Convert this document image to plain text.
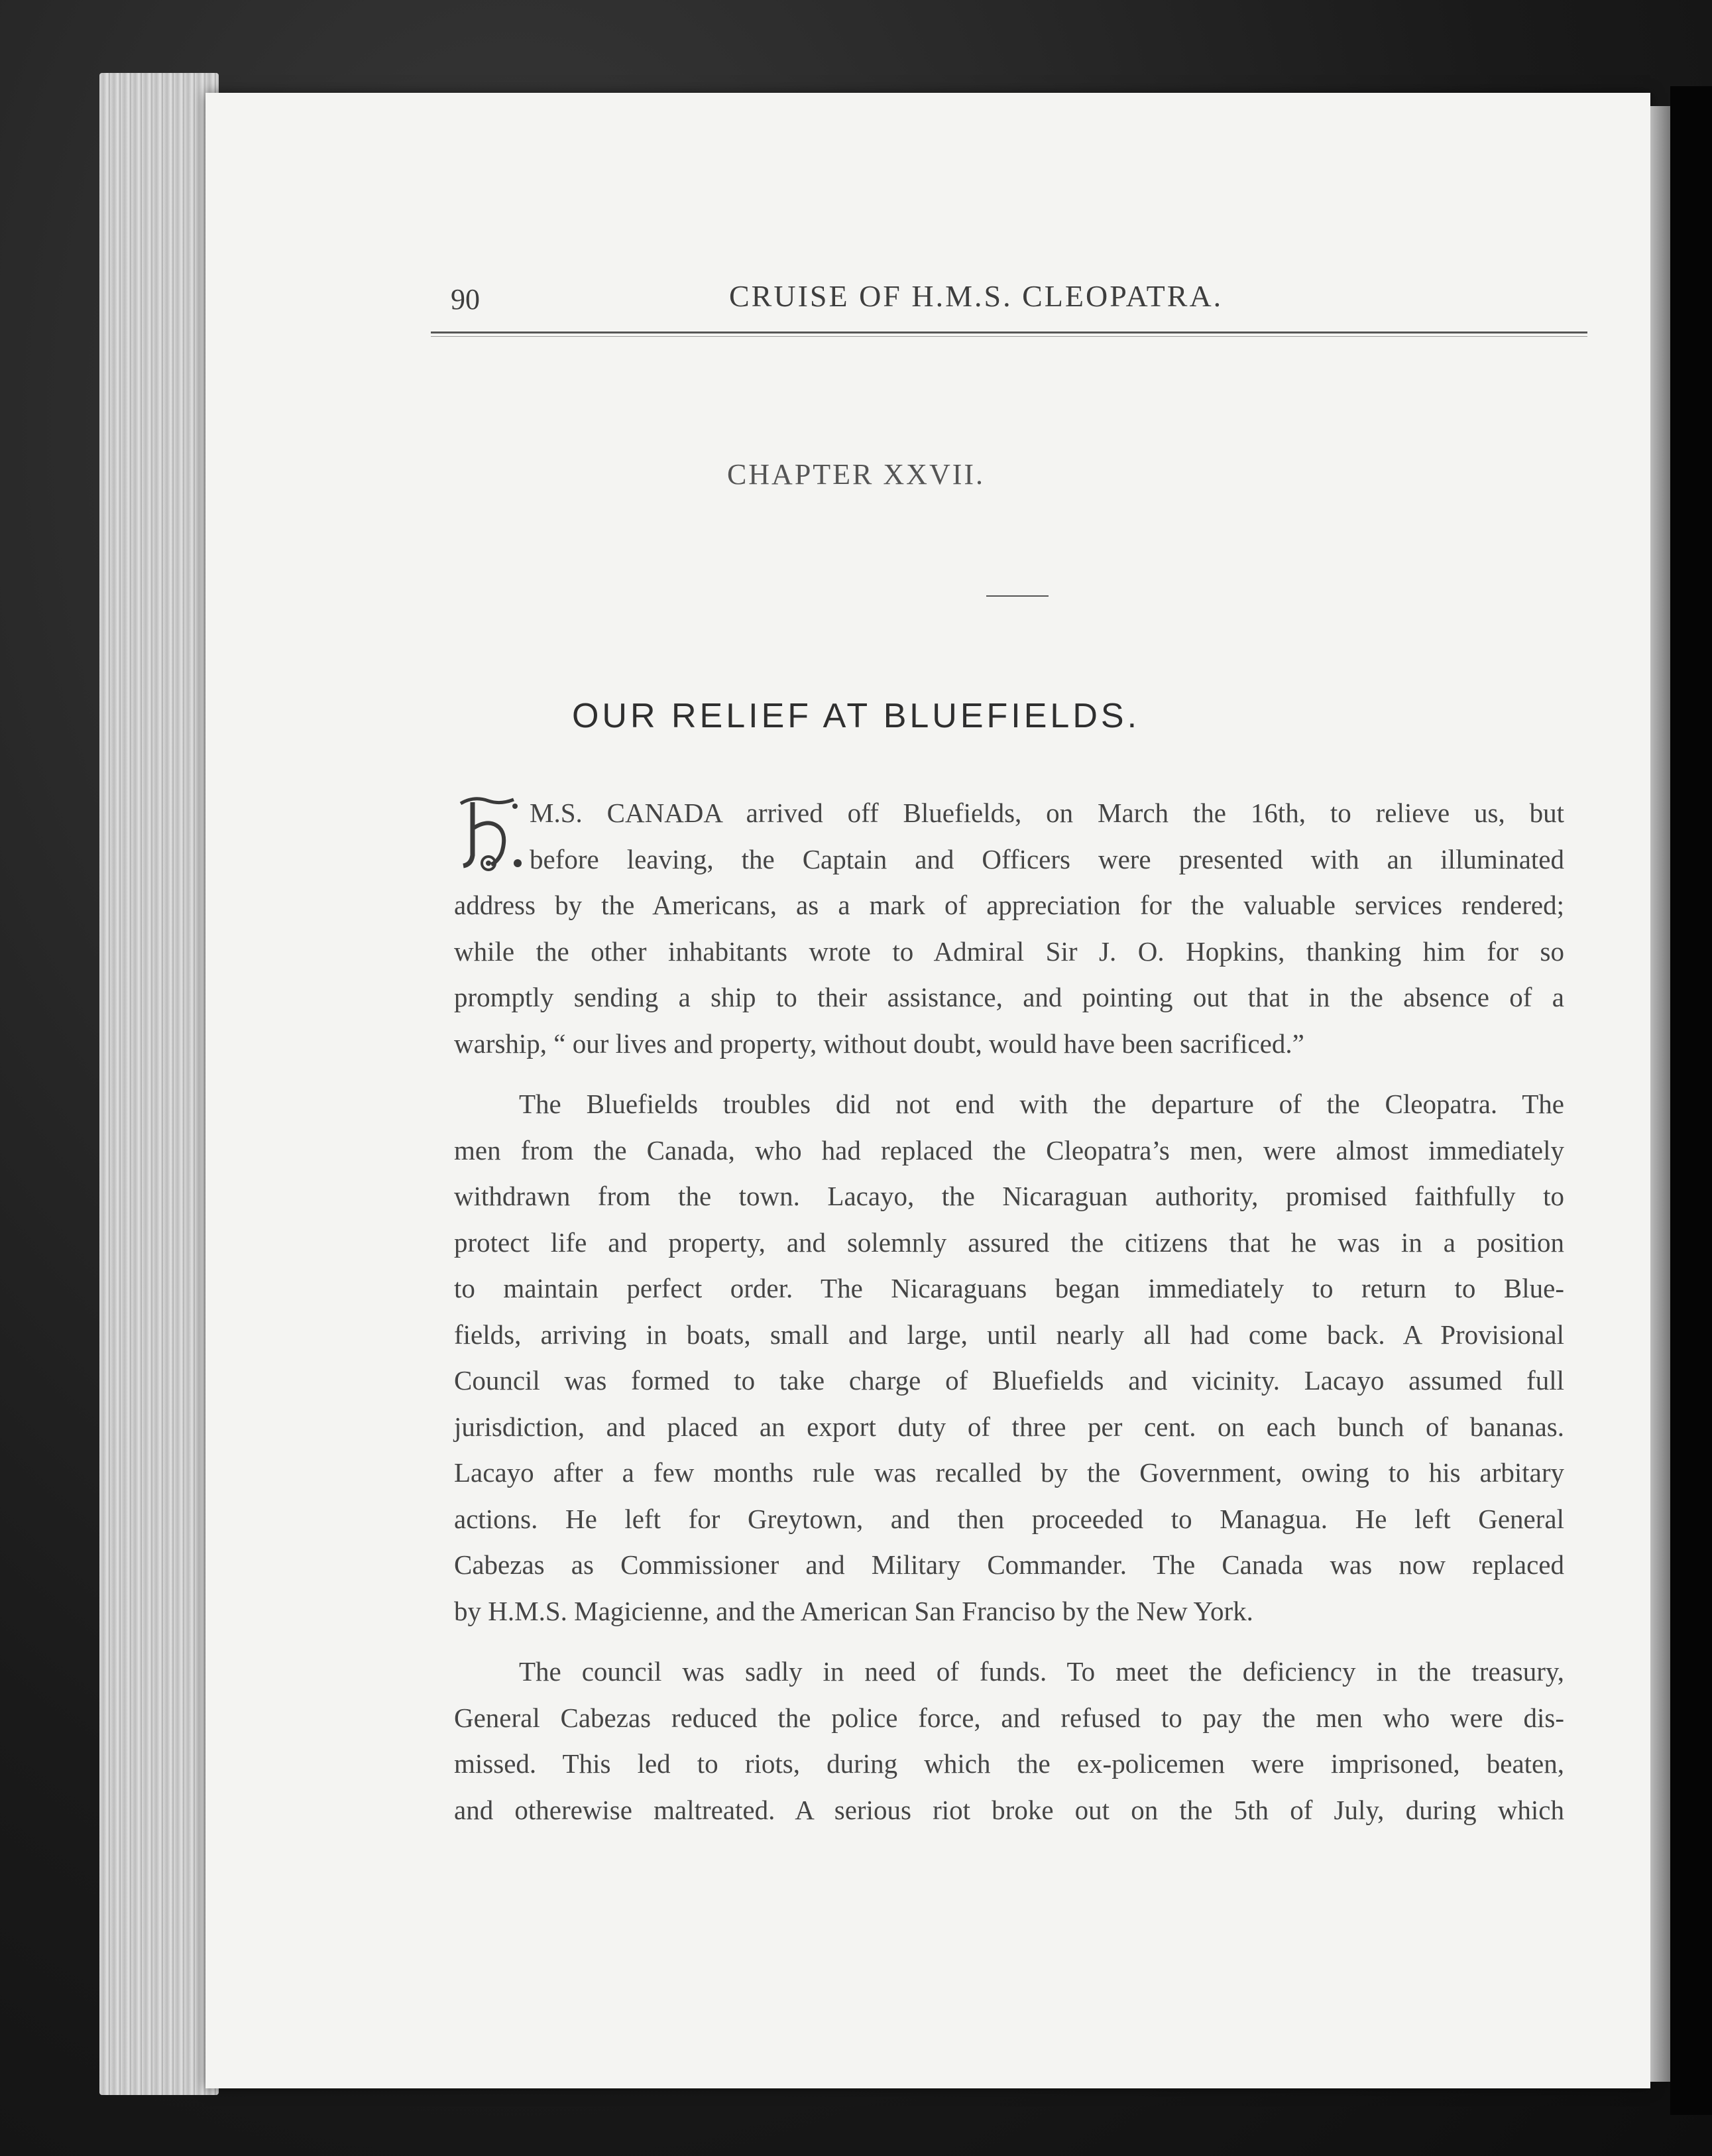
90	CRUISE OF H.M.S. CLEOPATRA.
CHAPTER XXVII.
OUR RELIEF AT BLUEFIELDS.

M.S. CANADA arrived off Bluefields, on March the 16th, to relieve us, but
before leaving, the Captain and Officers were presented with an illuminated
address by the Americans, as a mark of appreciation for the valuable services rendered;
while the other inhabitants wrote to Admiral Sir J. O. Hopkins, thanking him for so
promptly sending a ship to their assistance, and pointing out that in the absence of a
warship, “ our lives and property, without doubt, would have been sacrificed.”

The Bluefields troubles did not end with the departure of the Cleopatra. The
men from the Canada, who had replaced the Cleopatra’s men, were almost immediately
withdrawn from the town. Lacayo, the Nicaraguan authority, promised faithfully to
protect life and property, and solemnly assured the citizens that he was in a position
to maintain perfect order. The Nicaraguans began immediately to return to Blue-
fields, arriving in boats, small and large, until nearly all had come back. A Provisional
Council was formed to take charge of Bluefields and vicinity. Lacayo assumed full
jurisdiction, and placed an export duty of three per cent. on each bunch of bananas.
Lacayo after a few months rule was recalled by the Government, owing to his arbitary
actions. He left for Greytown, and then proceeded to Managua. He left General
Cabezas as Commissioner and Military Commander. The Canada was now replaced
by H.M.S. Magicienne, and the American San Franciso by the New York.

The council was sadly in need of funds. To meet the deficiency in the treasury,
General Cabezas reduced the police force, and refused to pay the men who were dis-
missed. This led to riots, during which the ex-policemen were imprisoned, beaten,
and otherewise maltreated. A serious riot broke out on the 5th of July, during which
